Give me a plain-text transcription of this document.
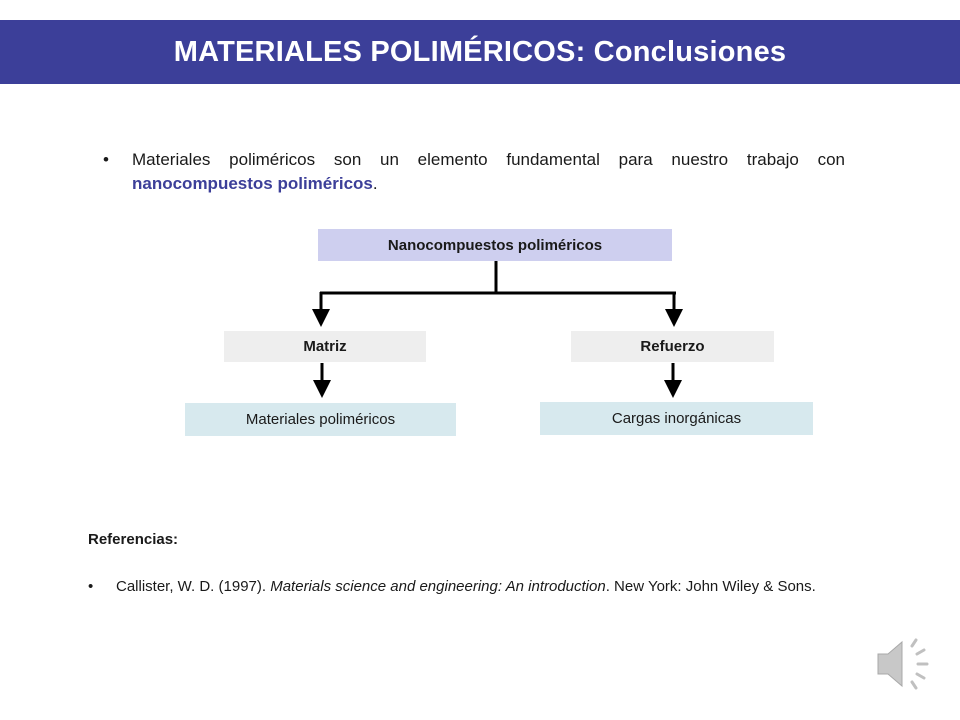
MATERIALES POLIMÉRICOS: Conclusiones
• Materiales poliméricos son un elemento fundamental para nuestro trabajo con nanocompuestos poliméricos.
Nanocompuestos poliméricos
Matriz	Refuerzo
Materiales poliméricos	Cargas inorgánicas
Referencias:
• Callister, W. D. (1997). Materials science and engineering: An introduction. New York: John Wiley & Sons.
